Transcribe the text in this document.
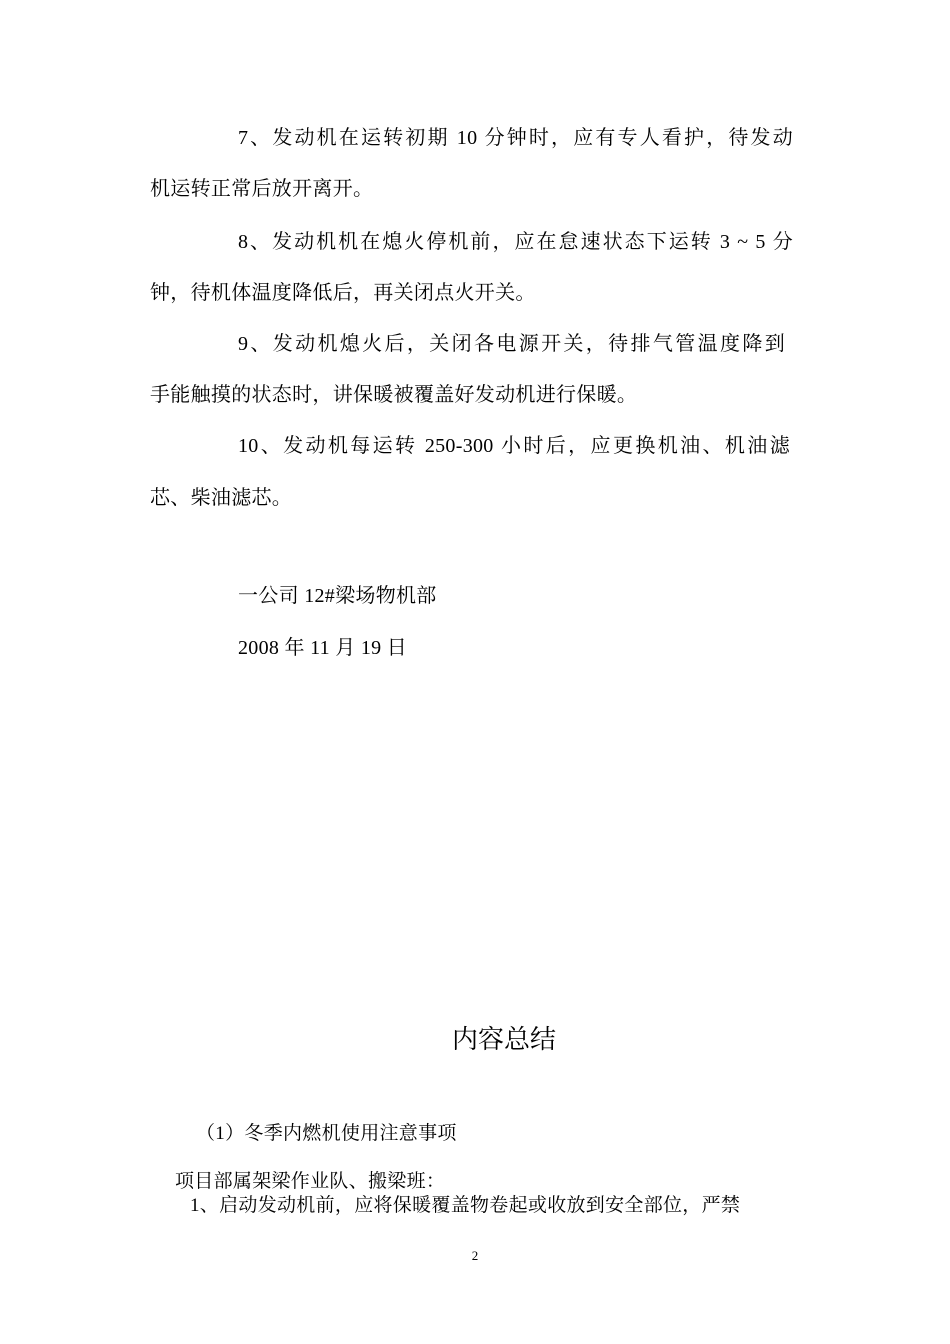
7、发动机在运转初期 10 分钟时，应有专人看护，待发动
机运转正常后放开离开。
8、发动机机在熄火停机前，应在怠速状态下运转 3 ~ 5 分
钟，待机体温度降低后，再关闭点火开关。
9、发动机熄火后，关闭各电源开关，待排气管温度降到
手能触摸的状态时，讲保暖被覆盖好发动机进行保暖。
10、发动机每运转 250-300 小时后，应更换机油、机油滤
芯、柴油滤芯。
一公司 12#梁场物机部
2008 年 11 月 19 日
内容总结
（1）冬季内燃机使用注意事项
项目部属架梁作业队、搬梁班：
1、启动发动机前，应将保暖覆盖物卷起或收放到安全部位，严禁
2
